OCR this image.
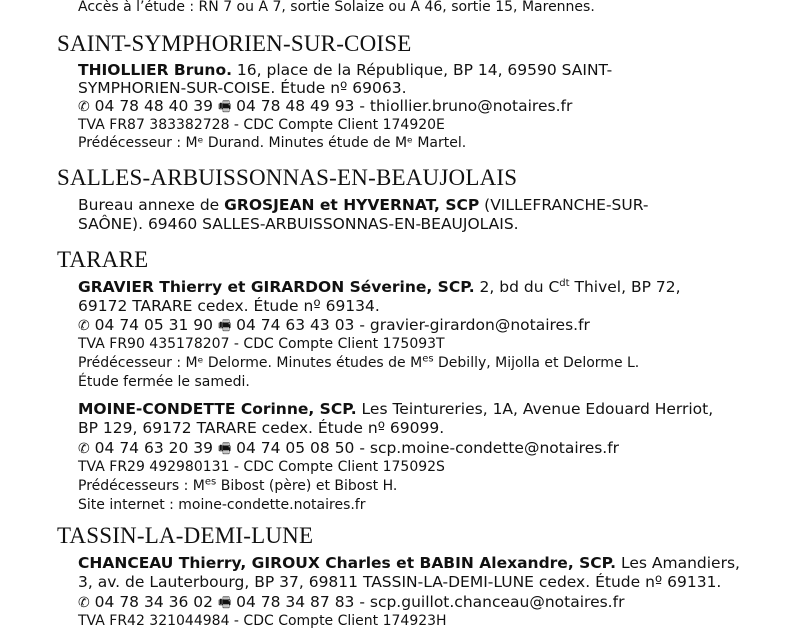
Accès à l’étude : RN 7 ou A 7, sortie Solaize ou A 46, sortie 15, Marennes.
SAINT-SYMPHORIEN-SUR-COISE
THIOLLIER Bruno. 16, place de la République, BP 14, 69590 SAINT-
SYMPHORIEN-SUR-COISE. Étude nº 69063.
✆ 04 78 48 40 39 🖷 04 78 48 49 93 - thiollier.bruno@notaires.fr
TVA FR87 383382728 - CDC Compte Client 174920E
Prédécesseur : Mᵉ Durand. Minutes étude de Mᵉ Martel.
SALLES-ARBUISSONNAS-EN-BEAUJOLAIS
Bureau annexe de GROSJEAN et HYVERNAT, SCP (VILLEFRANCHE-SUR-
SAÔNE). 69460 SALLES-ARBUISSONNAS-EN-BEAUJOLAIS.
TARARE
GRAVIER Thierry et GIRARDON Séverine, SCP. 2, bd du $C^{dt}$ Thivel, BP 72,
69172 TARARE cedex. Étude nº 69134.
✆ 04 74 05 31 90 🖷 04 74 63 43 03 - gravier-girardon@notaires.fr
TVA FR90 435178207 - CDC Compte Client 175093T
Prédécesseur : Mᵉ Delorme. Minutes études de $M^{es}$ Debilly, Mijolla et Delorme L.
Étude fermée le samedi.
MOINE-CONDETTE Corinne, SCP. Les Teintureries, 1A, Avenue Edouard Herriot,
BP 129, 69172 TARARE cedex. Étude nº 69099.
✆ 04 74 63 20 39 🖷 04 74 05 08 50 - scp.moine-condette@notaires.fr
TVA FR29 492980131 - CDC Compte Client 175092S
Prédécesseurs : $M^{es}$ Bibost (père) et Bibost H.
Site internet : moine-condette.notaires.fr
TASSIN-LA-DEMI-LUNE
CHANCEAU Thierry, GIROUX Charles et BABIN Alexandre, SCP. Les Amandiers,
3, av. de Lauterbourg, BP 37, 69811 TASSIN-LA-DEMI-LUNE cedex. Étude nº 69131.
✆ 04 78 34 36 02 🖷 04 78 34 87 83 - scp.guillot.chanceau@notaires.fr
TVA FR42 321044984 - CDC Compte Client 174923H
